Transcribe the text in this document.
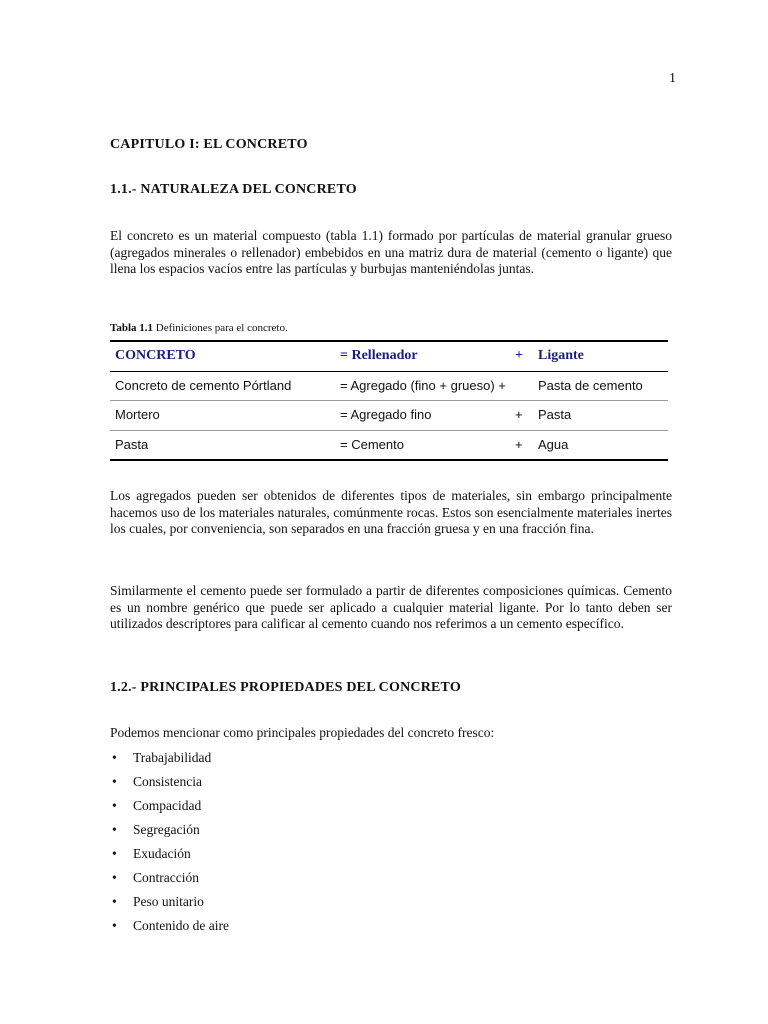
1
CAPITULO I: EL CONCRETO
1.1.- NATURALEZA DEL CONCRETO
El concreto es un material compuesto (tabla 1.1) formado por partículas de material granular grueso (agregados minerales o rellenador) embebidos en una matriz dura de material (cemento o ligante) que llena los espacios vacíos entre las partículas y burbujas manteniéndolas juntas.
Tabla 1.1 Definiciones para el concreto.
CONCRETO	= Rellenador	+ Ligante
Concreto de cemento Pórtland	= Agregado (fino + grueso) + Pasta de cemento
Mortero	= Agregado fino	+ Pasta
Pasta	= Cemento	+ Agua
Los agregados pueden ser obtenidos de diferentes tipos de materiales, sin embargo principalmente hacemos uso de los materiales naturales, comúnmente rocas. Estos son esencialmente materiales inertes los cuales, por conveniencia, son separados en una fracción gruesa y en una fracción fina.
Similarmente el cemento puede ser formulado a partir de diferentes composiciones químicas. Cemento es un nombre genérico que puede ser aplicado a cualquier material ligante. Por lo tanto deben ser utilizados descriptores para calificar al cemento cuando nos referimos a un cemento específico.
1.2.- PRINCIPALES PROPIEDADES DEL CONCRETO
Podemos mencionar como principales propiedades del concreto fresco:
• Trabajabilidad
• Consistencia
• Compacidad
• Segregación
• Exudación
• Contracción
• Peso unitario
• Contenido de aire
